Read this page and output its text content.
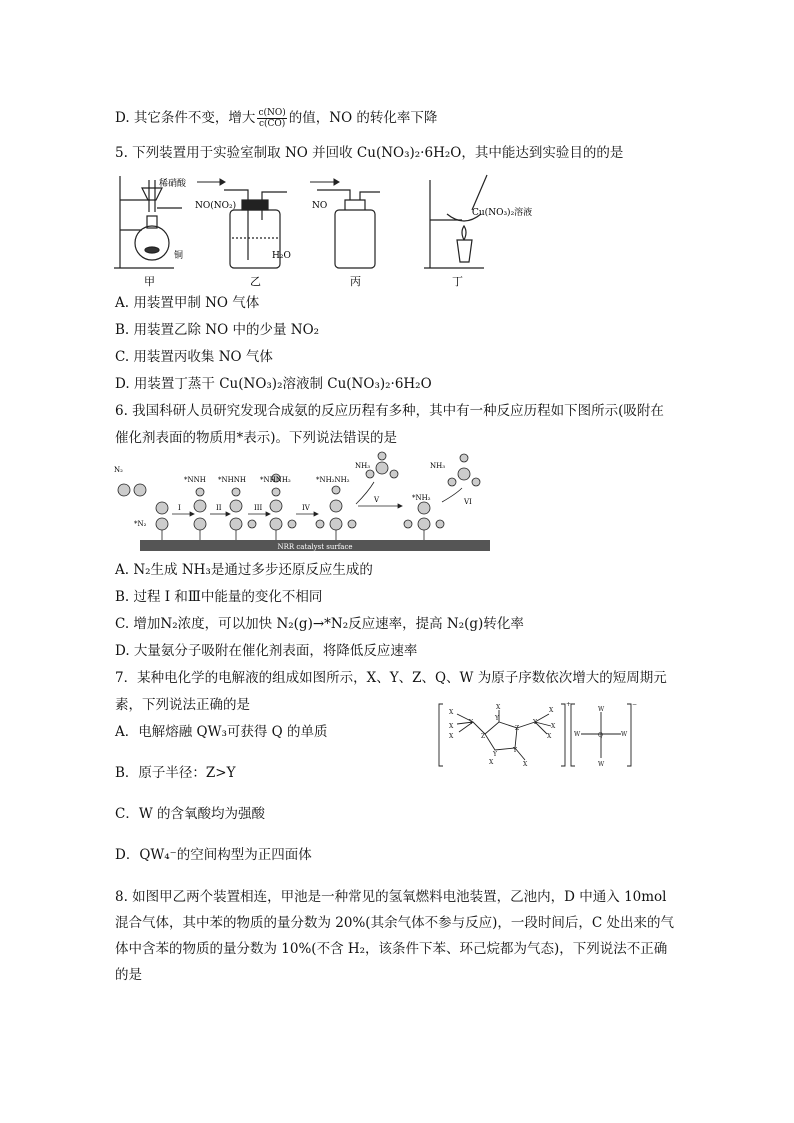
D. 其它条件不变，增大 $\frac{c(NO)}{c(CO)}$ 的值，NO 的转化率下降
5. 下列装置用于实验室制取 NO 并回收 Cu(NO₃)₂·6H₂O，其中能达到实验目的的是
稀硝酸
铜
NO(NO₂)
H₂O
NO
Cu(NO₃)₂溶液
甲	乙	丙	丁
A. 用装置甲制 NO 气体
B. 用装置乙除 NO 中的少量 NO₂
C. 用装置丙收集 NO 气体
D. 用装置丁蒸干 Cu(NO₃)₂溶液制 Cu(NO₃)₂·6H₂O
6. 我国科研人员研究发现合成氨的反应历程有多种，其中有一种反应历程如下图所示(吸附在
催化剂表面的物质用*表示)。下列说法错误的是
NRR catalyst surface
N₂
*N₂
*NNH *NHNH *NHNH₂	*NH₂NH₂
NH₃	NH₃
*NH₂
I	II	III	IV
V	VI
A. N₂生成 NH₃是通过多步还原反应生成的
B. 过程 I 和Ⅲ中能量的变化不相同
C. 增加N₂浓度，可以加快 N₂(g)→*N₂反应速率，提高 N₂(g)转化率
D. 大量氨分子吸附在催化剂表面，将降低反应速率
7．某种电化学的电解液的组成如图所示，X、Y、Z、Q、W 为原子序数依次增大的短周期元
素，下列说法正确的是	X
X
X
Y
Z
Y
X
Z
Y
Y
X	X
Y
X
X
X
+	−
W
W
W	W
Q
A．电解熔融 QW₃可获得 Q 的单质
B．原子半径：Z>Y
C．W 的含氧酸均为强酸
D．QW₄⁻的空间构型为正四面体
8. 如图甲乙两个装置相连，甲池是一种常见的氢氧燃料电池装置，乙池内，D 中通入 10mol
混合气体，其中苯的物质的量分数为 20%(其余气体不参与反应)，一段时间后，C 处出来的气
体中含苯的物质的量分数为 10%(不含 H₂，该条件下苯、环己烷都为气态)，下列说法不正确
的是
